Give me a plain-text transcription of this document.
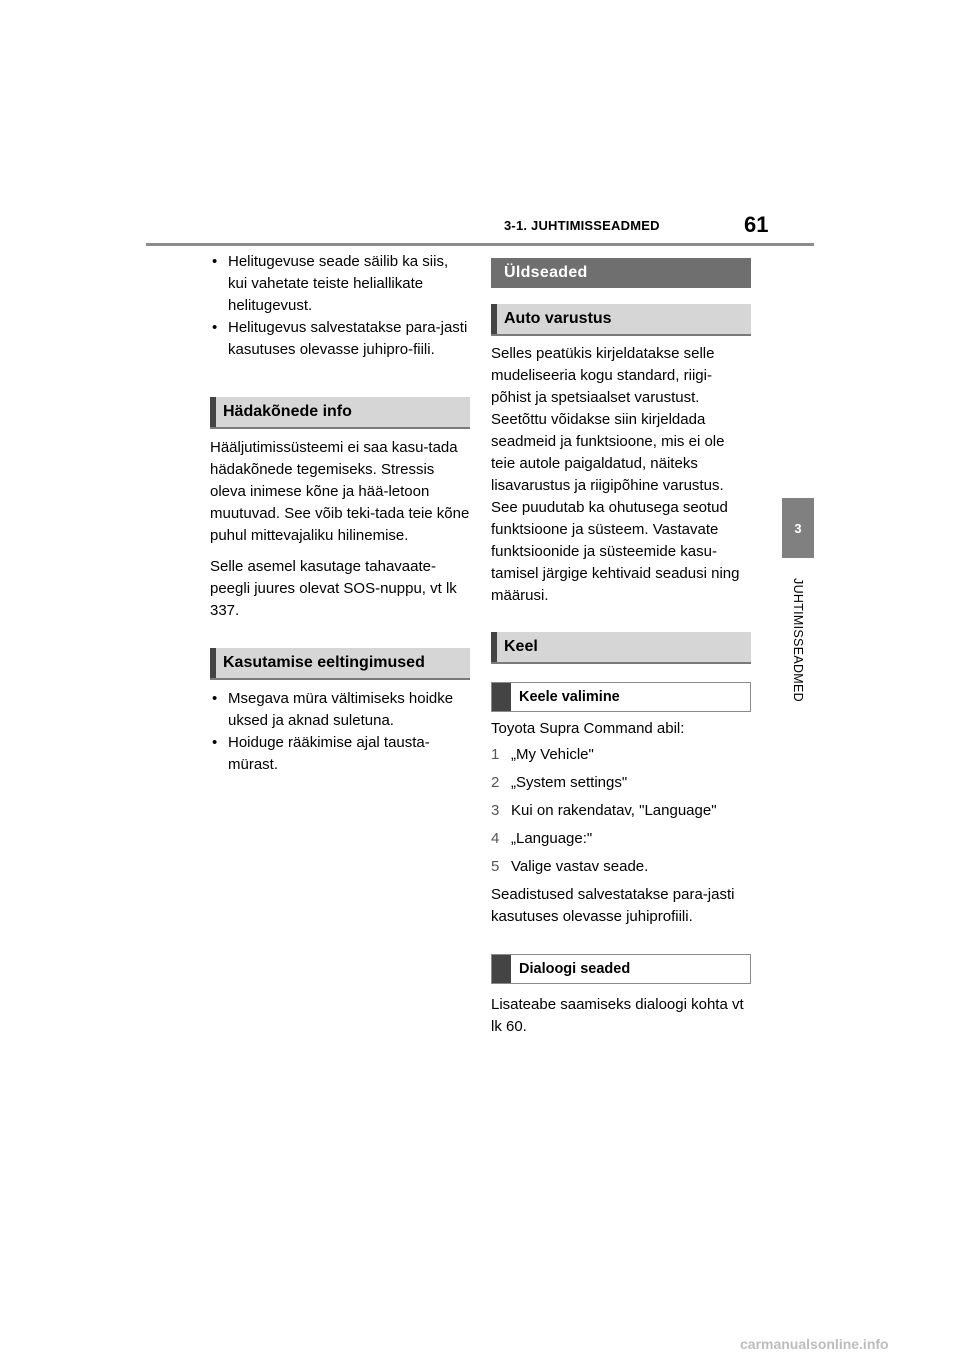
3-1. JUHTIMISSEADMED	61
3
JUHTIMISSEADMED
• Helitugevuse seade säilib ka siis, kui vahetate teiste heliallikate helitugevust.
• Helitugevus salvestatakse para-jasti kasutuses olevasse juhipro-fiili.
Hädakõnede info

Hääljutimissüsteemi ei saa kasu-tada hädakõnede tegemiseks. Stressis oleva inimese kõne ja hää-letoon muutuvad. See võib teki-tada teie kõne puhul mittevajaliku hilinemise.

Selle asemel kasutage tahavaate-peegli juures olevat SOS-nuppu, vt lk 337.

Kasutamise eeltingimused
• Msegava müra vältimiseks hoidke uksed ja aknad suletuna.
• Hoiduge rääkimise ajal tausta-mürast.
Üldseaded
Auto varustus

Selles peatükis kirjeldatakse selle mudeliseeria kogu standard, riigi-põhist ja spetsiaalset varustust. Seetõttu võidakse siin kirjeldada seadmeid ja funktsioone, mis ei ole teie autole paigaldatud, näiteks lisavarustus ja riigipõhine varustus. See puudutab ka ohutusega seotud funktsioone ja süsteem. Vastavate funktsioonide ja süsteemide kasu-tamisel järgige kehtivaid seadusi ning määrusi.

Keel
Keele valimine

Toyota Supra Command abil:

1 „My Vehicle"
2 „System settings"
3 Kui on rakendatav, "Language"
4 „Language:"
5 Valige vastav seade.

Seadistused salvestatakse para-jasti kasutuses olevasse juhiprofiili.

Dialoogi seaded

Lisateabe saamiseks dialoogi kohta vt lk 60.

carmanualsonline.info
